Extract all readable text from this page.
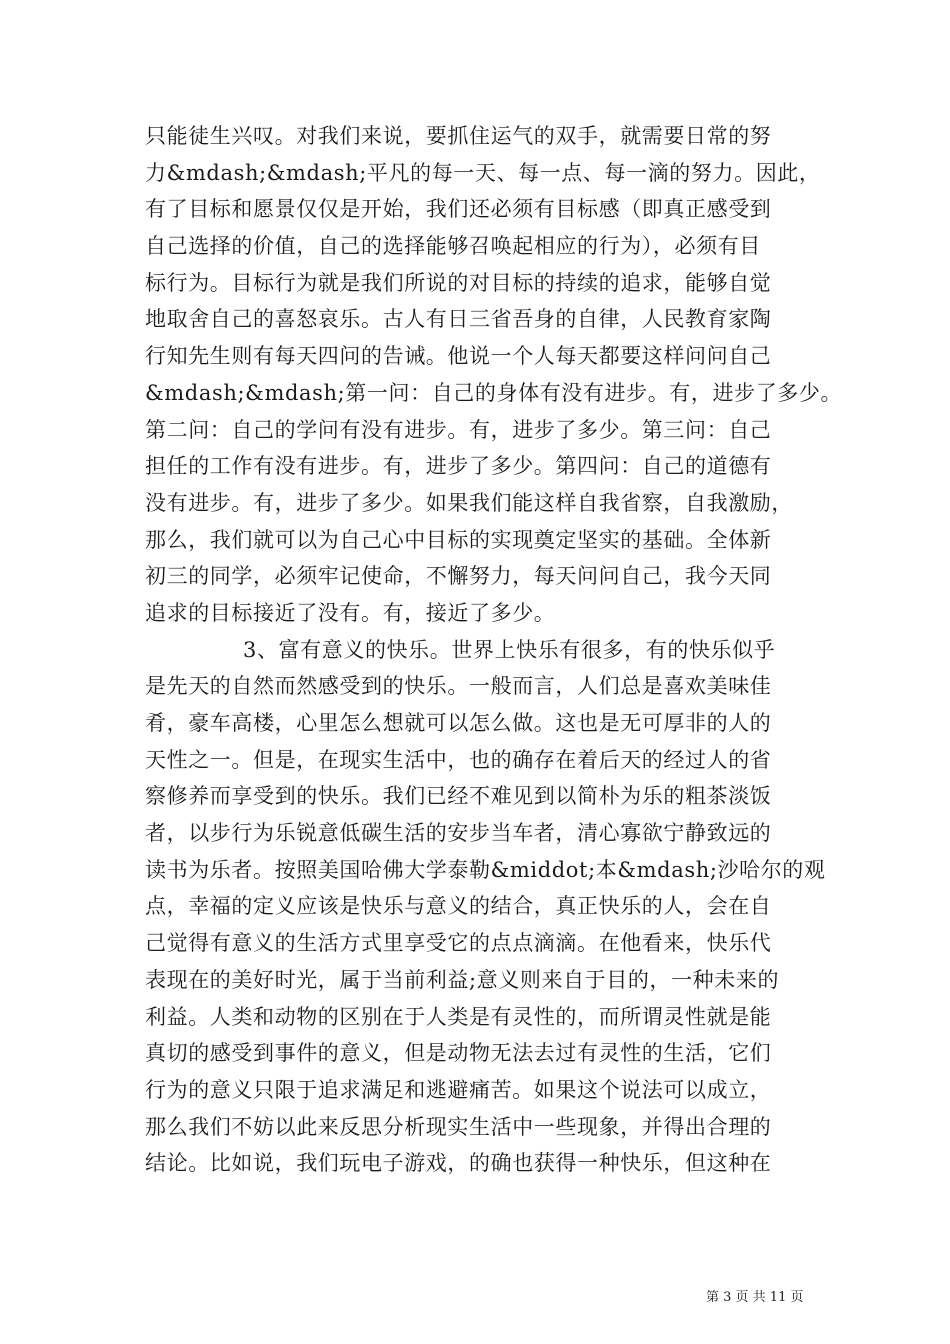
只能徒生兴叹。对我们来说，要抓住运气的双手，就需要日常的努
力&mdash;&mdash;平凡的每一天、每一点、每一滴的努力。因此，
有了目标和愿景仅仅是开始，我们还必须有目标感（即真正感受到
自己选择的价值，自己的选择能够召唤起相应的行为），必须有目
标行为。目标行为就是我们所说的对目标的持续的追求，能够自觉
地取舍自己的喜怒哀乐。古人有日三省吾身的自律，人民教育家陶
行知先生则有每天四问的告诫。他说一个人每天都要这样问问自己
&mdash;&mdash;第一问：自己的身体有没有进步。有，进步了多少。
第二问：自己的学问有没有进步。有，进步了多少。第三问：自己
担任的工作有没有进步。有，进步了多少。第四问：自己的道德有
没有进步。有，进步了多少。如果我们能这样自我省察，自我激励，
那么，我们就可以为自己心中目标的实现奠定坚实的基础。全体新
初三的同学，必须牢记使命，不懈努力，每天问问自己，我今天同
追求的目标接近了没有。有，接近了多少。
3、富有意义的快乐。世界上快乐有很多，有的快乐似乎
是先天的自然而然感受到的快乐。一般而言，人们总是喜欢美味佳
肴，豪车高楼，心里怎么想就可以怎么做。这也是无可厚非的人的
天性之一。但是，在现实生活中，也的确存在着后天的经过人的省
察修养而享受到的快乐。我们已经不难见到以简朴为乐的粗茶淡饭
者，以步行为乐锐意低碳生活的安步当车者，清心寡欲宁静致远的
读书为乐者。按照美国哈佛大学泰勒&middot;本&mdash;沙哈尔的观
点，幸福的定义应该是快乐与意义的结合，真正快乐的人，会在自
己觉得有意义的生活方式里享受它的点点滴滴。在他看来，快乐代
表现在的美好时光，属于当前利益;意义则来自于目的，一种未来的
利益。人类和动物的区别在于人类是有灵性的，而所谓灵性就是能
真切的感受到事件的意义，但是动物无法去过有灵性的生活，它们
行为的意义只限于追求满足和逃避痛苦。如果这个说法可以成立，
那么我们不妨以此来反思分析现实生活中一些现象，并得出合理的
结论。比如说，我们玩电子游戏，的确也获得一种快乐，但这种在
第 3 页 共 11 页
